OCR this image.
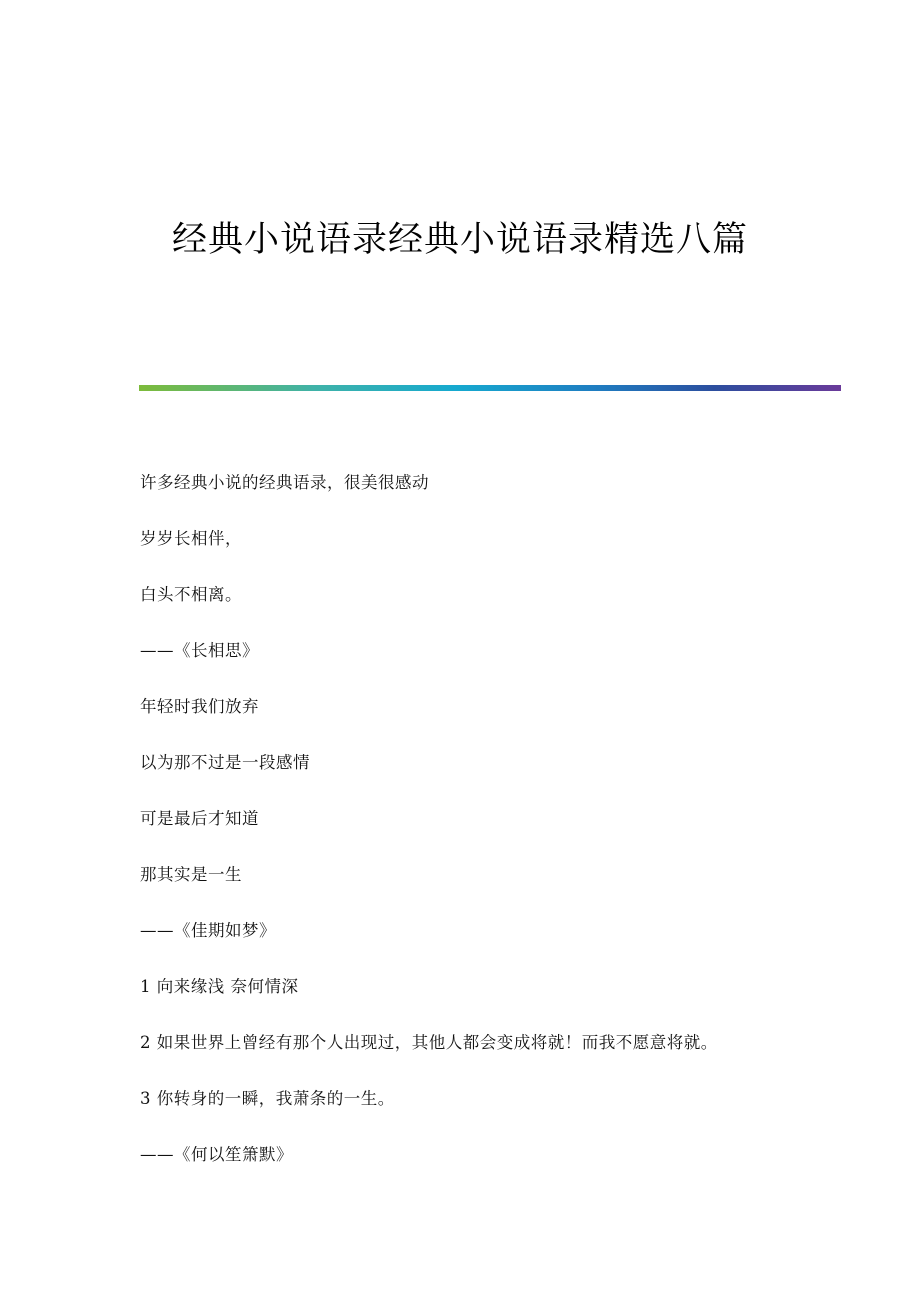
经典小说语录经典小说语录精选八篇
许多经典小说的经典语录，很美很感动
岁岁长相伴，
白头不相离。
——《长相思》
年轻时我们放弃
以为那不过是一段感情
可是最后才知道
那其实是一生
——《佳期如梦》
1 向来缘浅 奈何情深
2 如果世界上曾经有那个人出现过，其他人都会变成将就！而我不愿意将就。
3 你转身的一瞬，我萧条的一生。
——《何以笙箫默》
